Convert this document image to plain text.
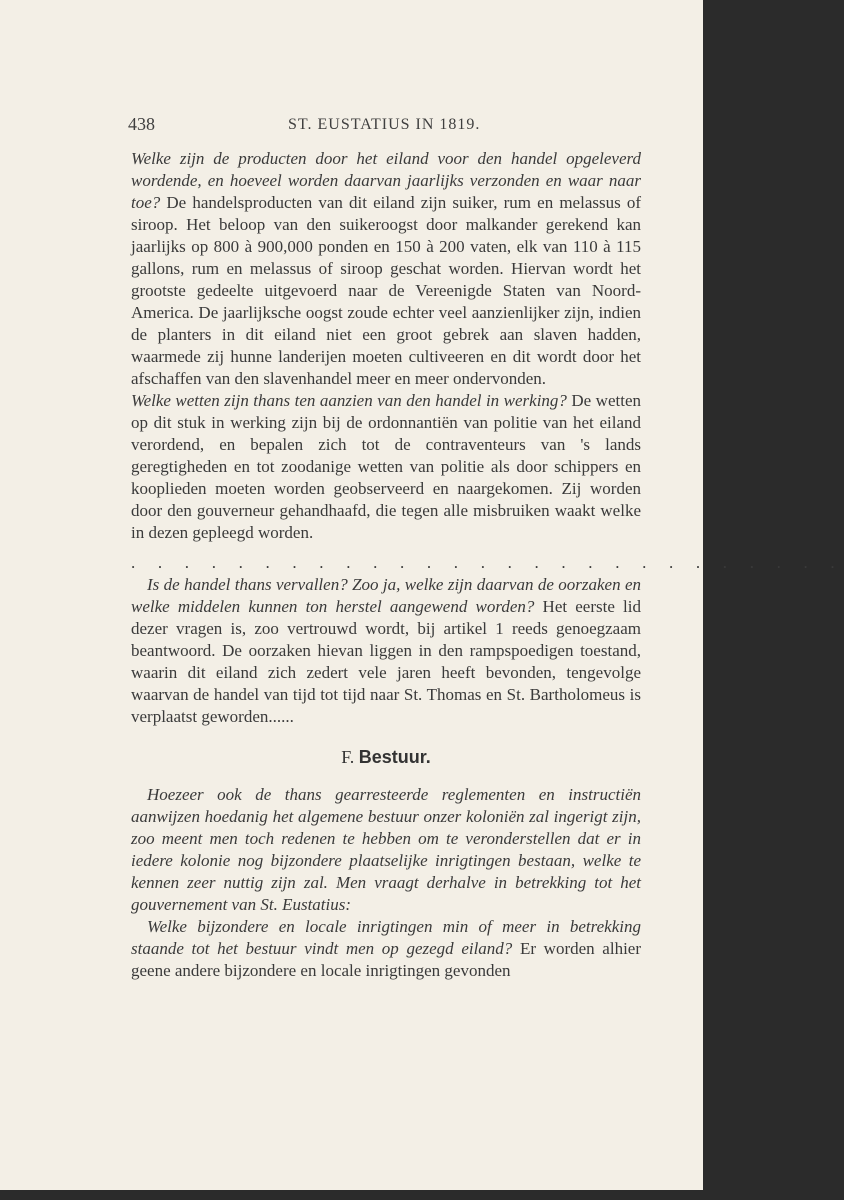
438	ST. EUSTATIUS IN 1819.

Welke zijn de producten door het eiland voor den handel opgeleverd wordende, en hoeveel worden daarvan jaarlijks verzonden en waar naar toe? De handelsproducten van dit eiland zijn suiker, rum en melassus of siroop. Het beloop van den suikeroogst door malkander gerekend kan jaarlijks op 800 à 900,000 ponden en 150 à 200 vaten, elk van 110 à 115 gallons, rum en melassus of siroop geschat worden. Hiervan wordt het grootste gedeelte uitgevoerd naar de Vereenigde Staten van Noord-America. De jaarlijksche oogst zoude echter veel aanzienlijker zijn, indien de planters in dit eiland niet een groot gebrek aan slaven hadden, waarmede zij hunne landerijen moeten cultiveeren en dit wordt door het afschaffen van den slavenhandel meer en meer ondervonden.

Welke wetten zijn thans ten aanzien van den handel in werking? De wetten op dit stuk in werking zijn bij de ordonnantiën van politie van het eiland verordend, en bepalen zich tot de contraventeurs van 's lands geregtigheden en tot zoodanige wetten van politie als door schippers en kooplieden moeten worden geobserveerd en naargekomen. Zij worden door den gouverneur gehandhaafd, die tegen alle misbruiken waakt welke in dezen gepleegd worden.

. . . . . . . . . . . . . . . . . . . . . . . . . . .

Is de handel thans vervallen? Zoo ja, welke zijn daarvan de oorzaken en welke middelen kunnen ton herstel aangewend worden? Het eerste lid dezer vragen is, zoo vertrouwd wordt, bij artikel 1 reeds genoegzaam beantwoord. De oorzaken hievan liggen in den rampspoedigen toestand, waarin dit eiland zich zedert vele jaren heeft bevonden, tengevolge waarvan de handel van tijd tot tijd naar St. Thomas en St. Bartholomeus is verplaatst geworden......

F. Bestuur.

Hoezeer ook de thans gearresteerde reglementen en instructiën aanwijzen hoedanig het algemene bestuur onzer koloniën zal ingerigt zijn, zoo meent men toch redenen te hebben om te veronderstellen dat er in iedere kolonie nog bijzondere plaatselijke inrigtingen bestaan, welke te kennen zeer nuttig zijn zal. Men vraagt derhalve in betrekking tot het gouvernement van St. Eustatius:

Welke bijzondere en locale inrigtingen min of meer in betrekking staande tot het bestuur vindt men op gezegd eiland? Er worden alhier geene andere bijzondere en locale inrigtingen gevonden
